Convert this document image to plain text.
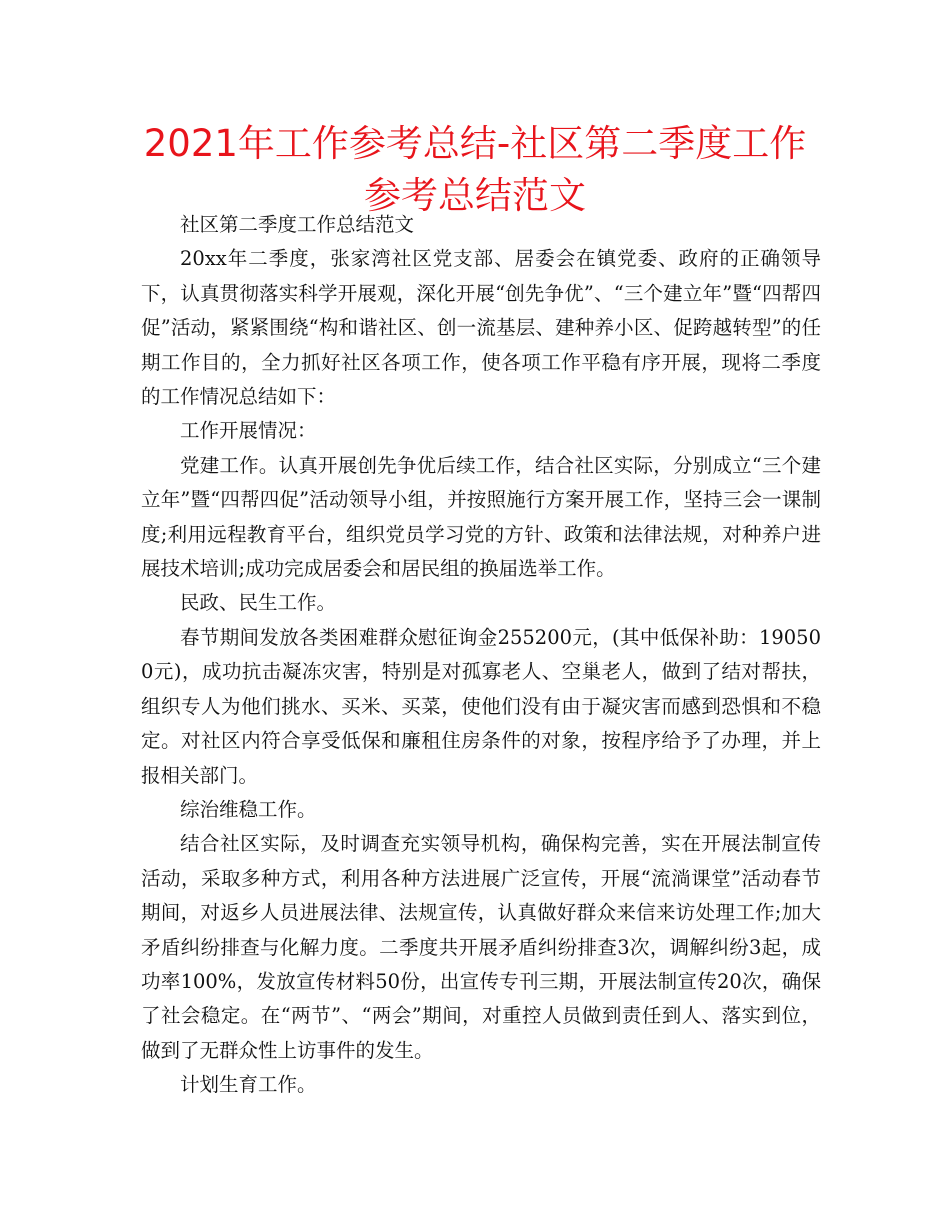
2021年工作参考总结-社区第二季度工作参考总结范文

社区第二季度工作总结范文

20xx年二季度，张家湾社区党支部、居委会在镇党委、政府的正确领导下，认真贯彻落实科学开展观，深化开展“创先争优”、“三个建立年”暨“四帮四促”活动，紧紧围绕“构和谐社区、创一流基层、建种养小区、促跨越转型”的任期工作目的，全力抓好社区各项工作，使各项工作平稳有序开展，现将二季度的工作情况总结如下：

工作开展情况：

党建工作。认真开展创先争优后续工作，结合社区实际，分别成立“三个建立年”暨“四帮四促”活动领导小组，并按照施行方案开展工作，坚持三会一课制度;利用远程教育平台，组织党员学习党的方针、政策和法律法规，对种养户进展技术培训;成功完成居委会和居民组的换届选举工作。

民政、民生工作。

春节期间发放各类困难群众慰征询金255200元，(其中低保补助：190500元)，成功抗击凝冻灾害，特别是对孤寡老人、空巢老人，做到了结对帮扶，组织专人为他们挑水、买米、买菜，使他们没有由于凝灾害而感到恐惧和不稳定。对社区内符合享受低保和廉租住房条件的对象，按程序给予了办理，并上报相关部门。

综治维稳工作。

结合社区实际，及时调查充实领导机构，确保构完善，实在开展法制宣传活动，采取多种方式，利用各种方法进展广泛宣传，开展“流淌课堂”活动春节期间，对返乡人员进展法律、法规宣传，认真做好群众来信来访处理工作;加大矛盾纠纷排查与化解力度。二季度共开展矛盾纠纷排查3次，调解纠纷3起，成功率100%，发放宣传材料50份，出宣传专刊三期，开展法制宣传20次，确保了社会稳定。在“两节”、“两会”期间，对重控人员做到责任到人、落实到位，做到了无群众性上访事件的发生。

计划生育工作。
